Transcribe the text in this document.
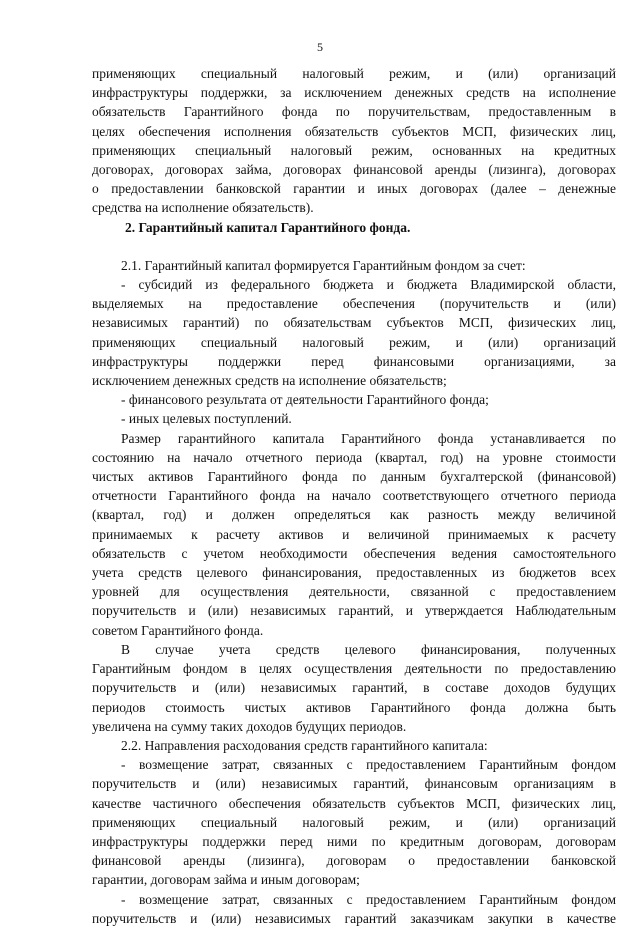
5

применяющих специальный налоговый режим, и (или) организаций

инфраструктуры поддержки, за исключением денежных средств на исполнение

обязательств Гарантийного фонда по поручительствам, предоставленным в

целях обеспечения исполнения обязательств субъектов МСП, физических лиц,

применяющих специальный налоговый режим, основанных на кредитных

договорах, договорах займа, договорах финансовой аренды (лизинга), договорах

о предоставлении банковской гарантии и иных договорах (далее – денежные

средства на исполнение обязательств).

2. Гарантийный капитал Гарантийного фонда.

2.1. Гарантийный капитал формируется Гарантийным фондом за счет:

- субсидий из федерального бюджета и бюджета Владимирской области,

выделяемых на предоставление обеспечения (поручительств и (или)

независимых гарантий) по обязательствам субъектов МСП, физических лиц,

применяющих специальный налоговый режим, и (или) организаций

инфраструктуры поддержки перед финансовыми организациями, за

исключением денежных средств на исполнение обязательств;

- финансового результата от деятельности Гарантийного фонда;

- иных целевых поступлений.

Размер гарантийного капитала Гарантийного фонда устанавливается по

состоянию на начало отчетного периода (квартал, год) на уровне стоимости

чистых активов Гарантийного фонда по данным бухгалтерской (финансовой)

отчетности Гарантийного фонда на начало соответствующего отчетного периода

(квартал, год) и должен определяться как разность между величиной

принимаемых к расчету активов и величиной принимаемых к расчету

обязательств с учетом необходимости обеспечения ведения самостоятельного

учета средств целевого финансирования, предоставленных из бюджетов всех

уровней для осуществления деятельности, связанной с предоставлением

поручительств и (или) независимых гарантий, и утверждается Наблюдательным

советом Гарантийного фонда.

В случае учета средств целевого финансирования, полученных

Гарантийным фондом в целях осуществления деятельности по предоставлению

поручительств и (или) независимых гарантий, в составе доходов будущих

периодов стоимость чистых активов Гарантийного фонда должна быть

увеличена на сумму таких доходов будущих периодов.

2.2. Направления расходования средств гарантийного капитала:

- возмещение затрат, связанных с предоставлением Гарантийным фондом

поручительств и (или) независимых гарантий, финансовым организациям в

качестве частичного обеспечения обязательств субъектов МСП, физических лиц,

применяющих специальный налоговый режим, и (или) организаций

инфраструктуры поддержки перед ними по кредитным договорам, договорам

финансовой аренды (лизинга), договорам о предоставлении банковской

гарантии, договорам займа и иным договорам;

- возмещение затрат, связанных с предоставлением Гарантийным фондом

поручительств и (или) независимых гарантий заказчикам закупки в качестве
